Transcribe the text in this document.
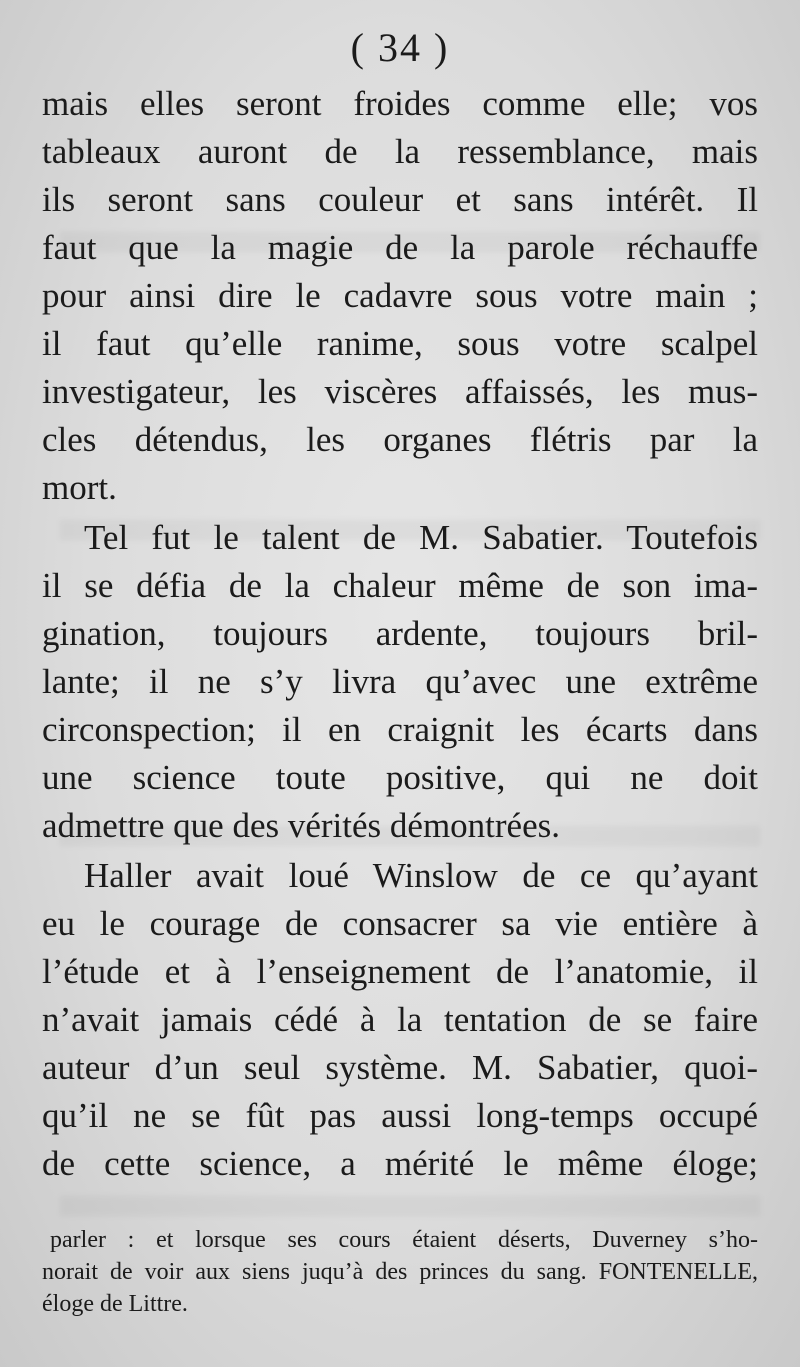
( 34 )
mais elles seront froides comme elle; vos
tableaux auront de la ressemblance, mais
ils seront sans couleur et sans intérêt. Il
faut que la magie de la parole réchauffe
pour ainsi dire le cadavre sous votre main ;
il faut qu’elle ranime, sous votre scalpel
investigateur, les viscères affaissés, les mus-
cles détendus, les organes flétris par la
mort.
Tel fut le talent de M. Sabatier. Toutefois
il se défia de la chaleur même de son ima-
gination, toujours ardente, toujours bril-
lante; il ne s’y livra qu’avec une extrême
circonspection; il en craignit les écarts dans
une science toute positive, qui ne doit
admettre que des vérités démontrées.
Haller avait loué Winslow de ce qu’ayant
eu le courage de consacrer sa vie entière à
l’étude et à l’enseignement de l’anatomie, il
n’avait jamais cédé à la tentation de se faire
auteur d’un seul système. M. Sabatier, quoi-
qu’il ne se fût pas aussi long-temps occupé
de cette science, a mérité le même éloge;
parler : et lorsque ses cours étaient déserts, Duverney s’ho-
norait de voir aux siens juqu’à des princes du sang. FONTENELLE,
éloge de Littre.
